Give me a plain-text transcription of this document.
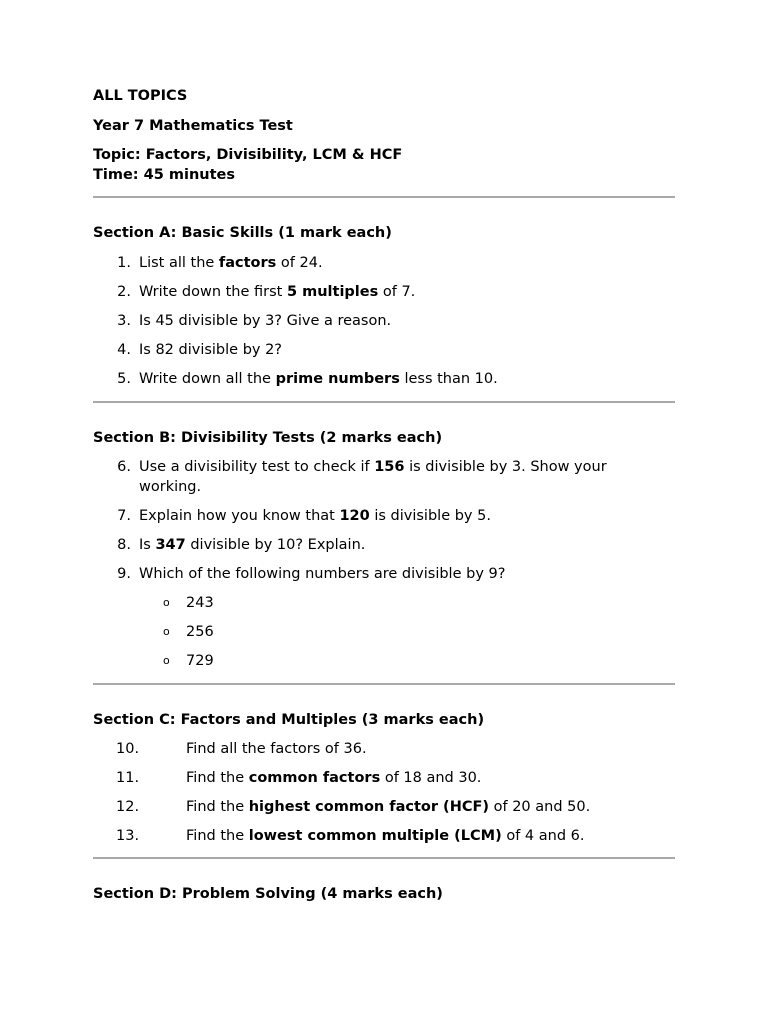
ALL TOPICS
Year 7 Mathematics Test
Topic: Factors, Divisibility, LCM & HCF
Time: 45 minutes
Section A: Basic Skills (1 mark each)
1. List all the factors of 24.
2. Write down the first 5 multiples of 7.
3. Is 45 divisible by 3? Give a reason.
4. Is 82 divisible by 2?
5. Write down all the prime numbers less than 10.
Section B: Divisibility Tests (2 marks each)
6. Use a divisibility test to check if 156 is divisible by 3. Show your working.
7. Explain how you know that 120 is divisible by 5.
8. Is 347 divisible by 10? Explain.
9. Which of the following numbers are divisible by 9?
o 243
o 256
o 729
Section C: Factors and Multiples (3 marks each)
10.	Find all the factors of 36.
11.	Find the common factors of 18 and 30.
12.	Find the highest common factor (HCF) of 20 and 50.
13.	Find the lowest common multiple (LCM) of 4 and 6.
Section D: Problem Solving (4 marks each)
